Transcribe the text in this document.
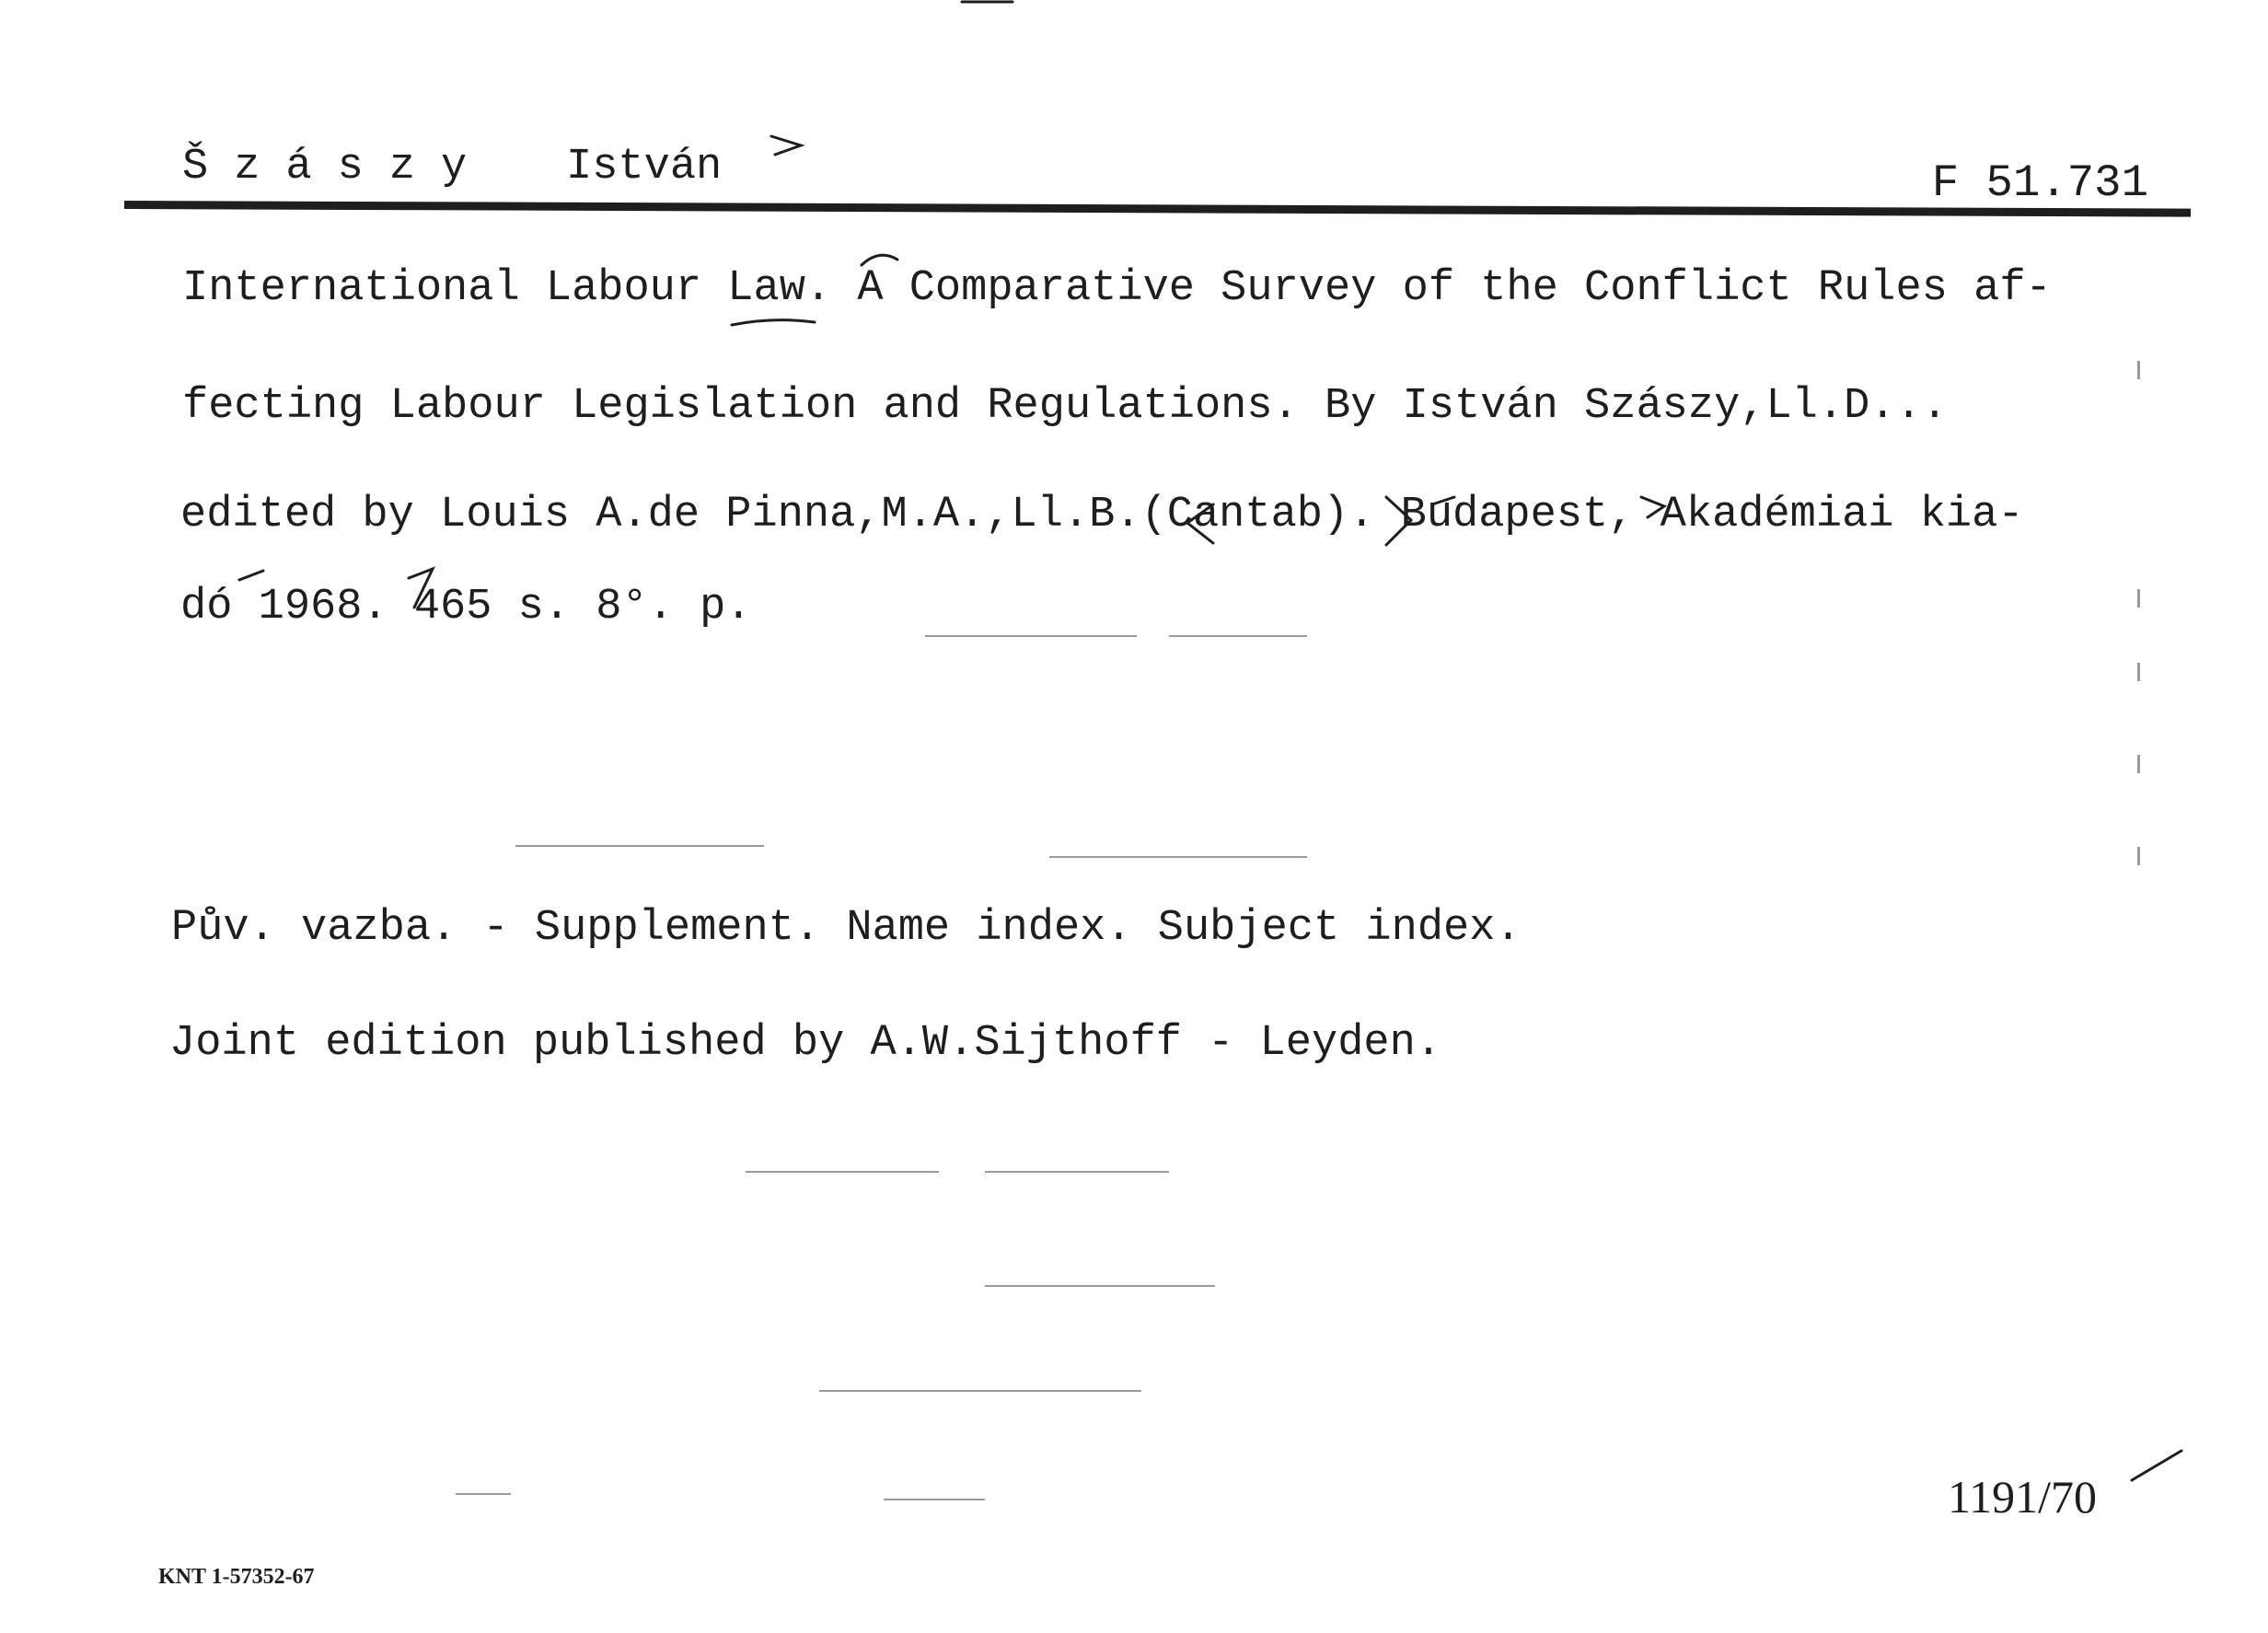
Šzászy István	F 51.731
International Labour Law. A Comparative Survey of the Conflict Rules af-
fecting Labour Legislation and Regulations. By István Szászy,Ll.D...
edited by Louis A.de Pinna,M.A.,Ll.B.(Cantab). Budapest, Akadémiai kia-
dó 1968. 465 s. 8°. p.
Pův. vazba. - Supplement. Name index. Subject index.
Joint edition published by A.W.Sijthoff - Leyden.
1191/70
KNT 1-57352-67
